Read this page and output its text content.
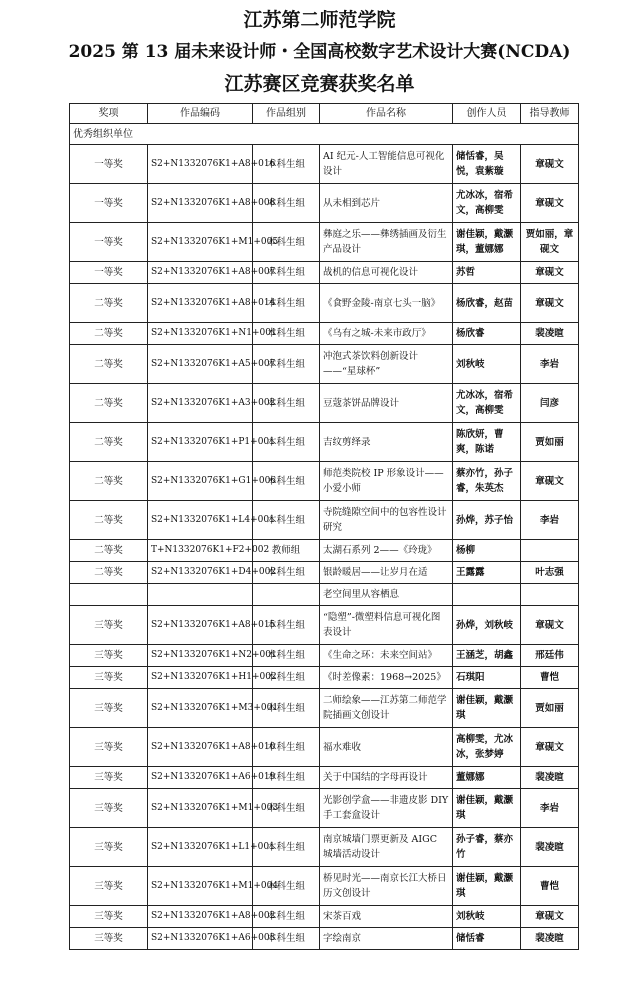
江苏第二师范学院
2025 第 13 届未来设计师・全国高校数字艺术设计大赛(NCDA)
江苏赛区竞赛获奖名单
奖项	作品编码	作品组别	作品名称	创作人员	指导教师
优秀组织单位					
一等奖	S2+N1332076K1+A8+016	本科生组	AI 纪元-人工智能信息可视化设计	储恬睿，吴悦，袁紫璇	章砚文
一等奖	S2+N1332076K1+A8+008	本科生组	从未相到芯片	尤冰冰，宿希文，高柳雯	章砚文
一等奖	S2+N1332076K1+M1+005	本科生组	彝庭之乐——彝绣插画及衍生产品设计	谢佳颖，戴灏琪，董娜娜	贾如丽，章砚文
一等奖	S2+N1332076K1+A8+007	本科生组	战机的信息可视化设计	苏哲	章砚文
二等奖	S2+N1332076K1+A8+014	本科生组	《食野金陵-南京七头一脑》	杨欣睿，赵苗	章砚文
二等奖	S2+N1332076K1+N1+001	本科生组	《乌有之城-未来市政厅》	杨欣睿	裴凌暄
二等奖	S2+N1332076K1+A5+007	本科生组	冲泡式茶饮料创新设计——“星球杯”	刘秋岐	李岩
二等奖	S2+N1332076K1+A3+002	本科生组	豆蔻茶饼品牌设计	尤冰冰，宿希文，高柳雯	闫彦
二等奖	S2+N1332076K1+P1+001	本科生组	吉纹剪绎录	陈欣妍，曹爽，陈诺	贾如丽
二等奖	S2+N1332076K1+G1+006	本科生组	师范类院校 IP 形象设计——小爱小师	蔡亦竹，孙子睿，朱英杰	章砚文
二等奖	S2+N1332076K1+L4+001	本科生组	寺院缝隙空间中的包容性设计研究	孙烨，苏子怡	李岩
二等奖	T+N1332076K1+F2+002	教师组	太湖石系列 2——《玲珑》	杨柳	
二等奖	S2+N1332076K1+D4+002	本科生组	银龄暖居——让岁月在适	王露露	叶志强
			老空间里从容栖息		
三等奖	S2+N1332076K1+A8+015	本科生组	“隐塑”-微塑料信息可视化图表设计	孙烨，刘秋岐	章砚文
三等奖	S2+N1332076K1+N2+001	本科生组	《生命之环：未来空间站》	王涵芝，胡鑫	邢廷伟
三等奖	S2+N1332076K1+H1+002	本科生组	《时差像素：1968→2025》	石琪阳	曹恺
三等奖	S2+N1332076K1+M3+001	本科生组	二师绘象——江苏第二师范学院插画文创设计	谢佳颖，戴灏琪	贾如丽
三等奖	S2+N1332076K1+A8+010	本科生组	福水难收	高柳雯，尤冰冰，张梦婷	章砚文
三等奖	S2+N1332076K1+A6+019	本科生组	关于中国结的字母再设计	董娜娜	裴凌暄
三等奖	S2+N1332076K1+M1+003	本科生组	光影创学盒——非遗皮影 DIY 手工套盒设计	谢佳颖，戴灏琪	李岩
三等奖	S2+N1332076K1+L1+001	本科生组	南京城墙门票更新及 AIGC 城墙活动设计	孙子睿，蔡亦竹	裴凌暄
三等奖	S2+N1332076K1+M1+004	本科生组	桥见时光——南京长江大桥日历文创设计	谢佳颖，戴灏琪	曹恺
三等奖	S2+N1332076K1+A8+002	本科生组	宋茶百戏	刘秋岐	章砚文
三等奖	S2+N1332076K1+A6+003	本科生组	字绘南京	储恬睿	裴凌暄
